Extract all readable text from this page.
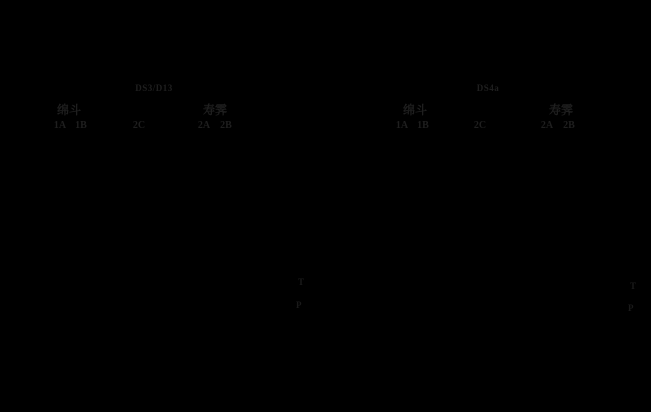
DS3/D13
绵斗
1A 1B	2C
寿霁
2A 2B
T
P
DS4a
绵斗
1A 1B	2C
寿霁
2A 2B
T
P
